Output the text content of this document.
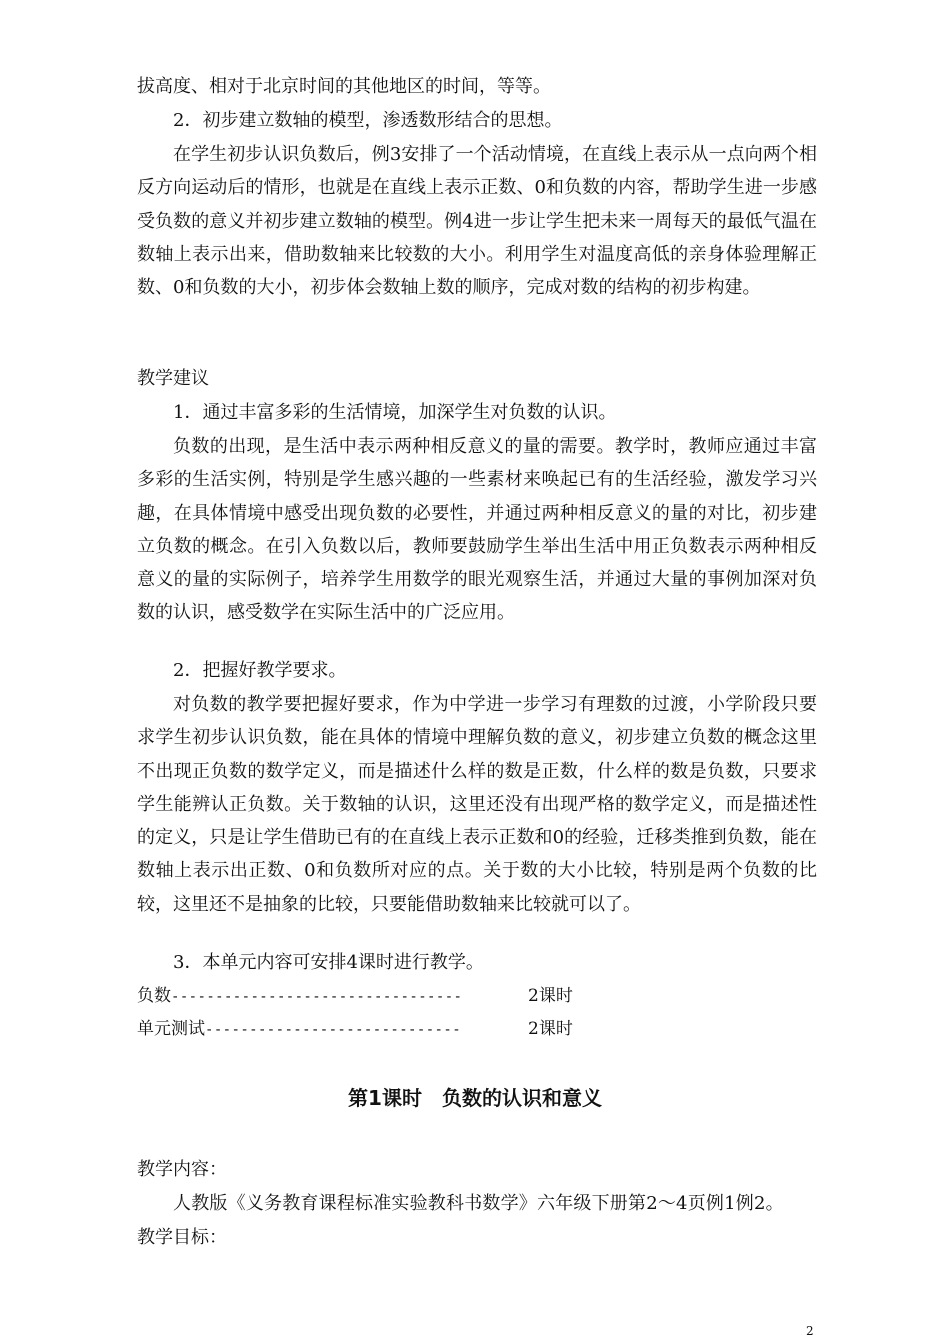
拔高度、相对于北京时间的其他地区的时间，等等。

2．初步建立数轴的模型，渗透数形结合的思想。

在学生初步认识负数后，例3安排了一个活动情境，在直线上表示从一点向两个相反方向运动后的情形，也就是在直线上表示正数、0和负数的内容，帮助学生进一步感受负数的意义并初步建立数轴的模型。例4进一步让学生把未来一周每天的最低气温在数轴上表示出来，借助数轴来比较数的大小。利用学生对温度高低的亲身体验理解正数、0和负数的大小，初步体会数轴上数的顺序，完成对数的结构的初步构建。

教学建议

1．通过丰富多彩的生活情境，加深学生对负数的认识。

负数的出现，是生活中表示两种相反意义的量的需要。教学时，教师应通过丰富多彩的生活实例，特别是学生感兴趣的一些素材来唤起已有的生活经验，激发学习兴趣，在具体情境中感受出现负数的必要性，并通过两种相反意义的量的对比，初步建立负数的概念。在引入负数以后，教师要鼓励学生举出生活中用正负数表示两种相反意义的量的实际例子，培养学生用数学的眼光观察生活，并通过大量的事例加深对负数的认识，感受数学在实际生活中的广泛应用。

2．把握好教学要求。

对负数的教学要把握好要求，作为中学进一步学习有理数的过渡，小学阶段只要求学生初步认识负数，能在具体的情境中理解负数的意义，初步建立负数的概念这里不出现正负数的数学定义，而是描述什么样的数是正数，什么样的数是负数，只要求学生能辨认正负数。关于数轴的认识，这里还没有出现严格的数学定义，而是描述性的定义，只是让学生借助已有的在直线上表示正数和0的经验，迁移类推到负数，能在数轴上表示出正数、0和负数所对应的点。关于数的大小比较，特别是两个负数的比较，这里还不是抽象的比较，只要能借助数轴来比较就可以了。

3．本单元内容可安排4课时进行教学。

负数---------------------------------	2课时
单元测试-----------------------------	2课时
第1课时　负数的认识和意义
教学内容：
人教版《义务教育课程标准实验教科书数学》六年级下册第2～4页例1例2。
教学目标：
2
